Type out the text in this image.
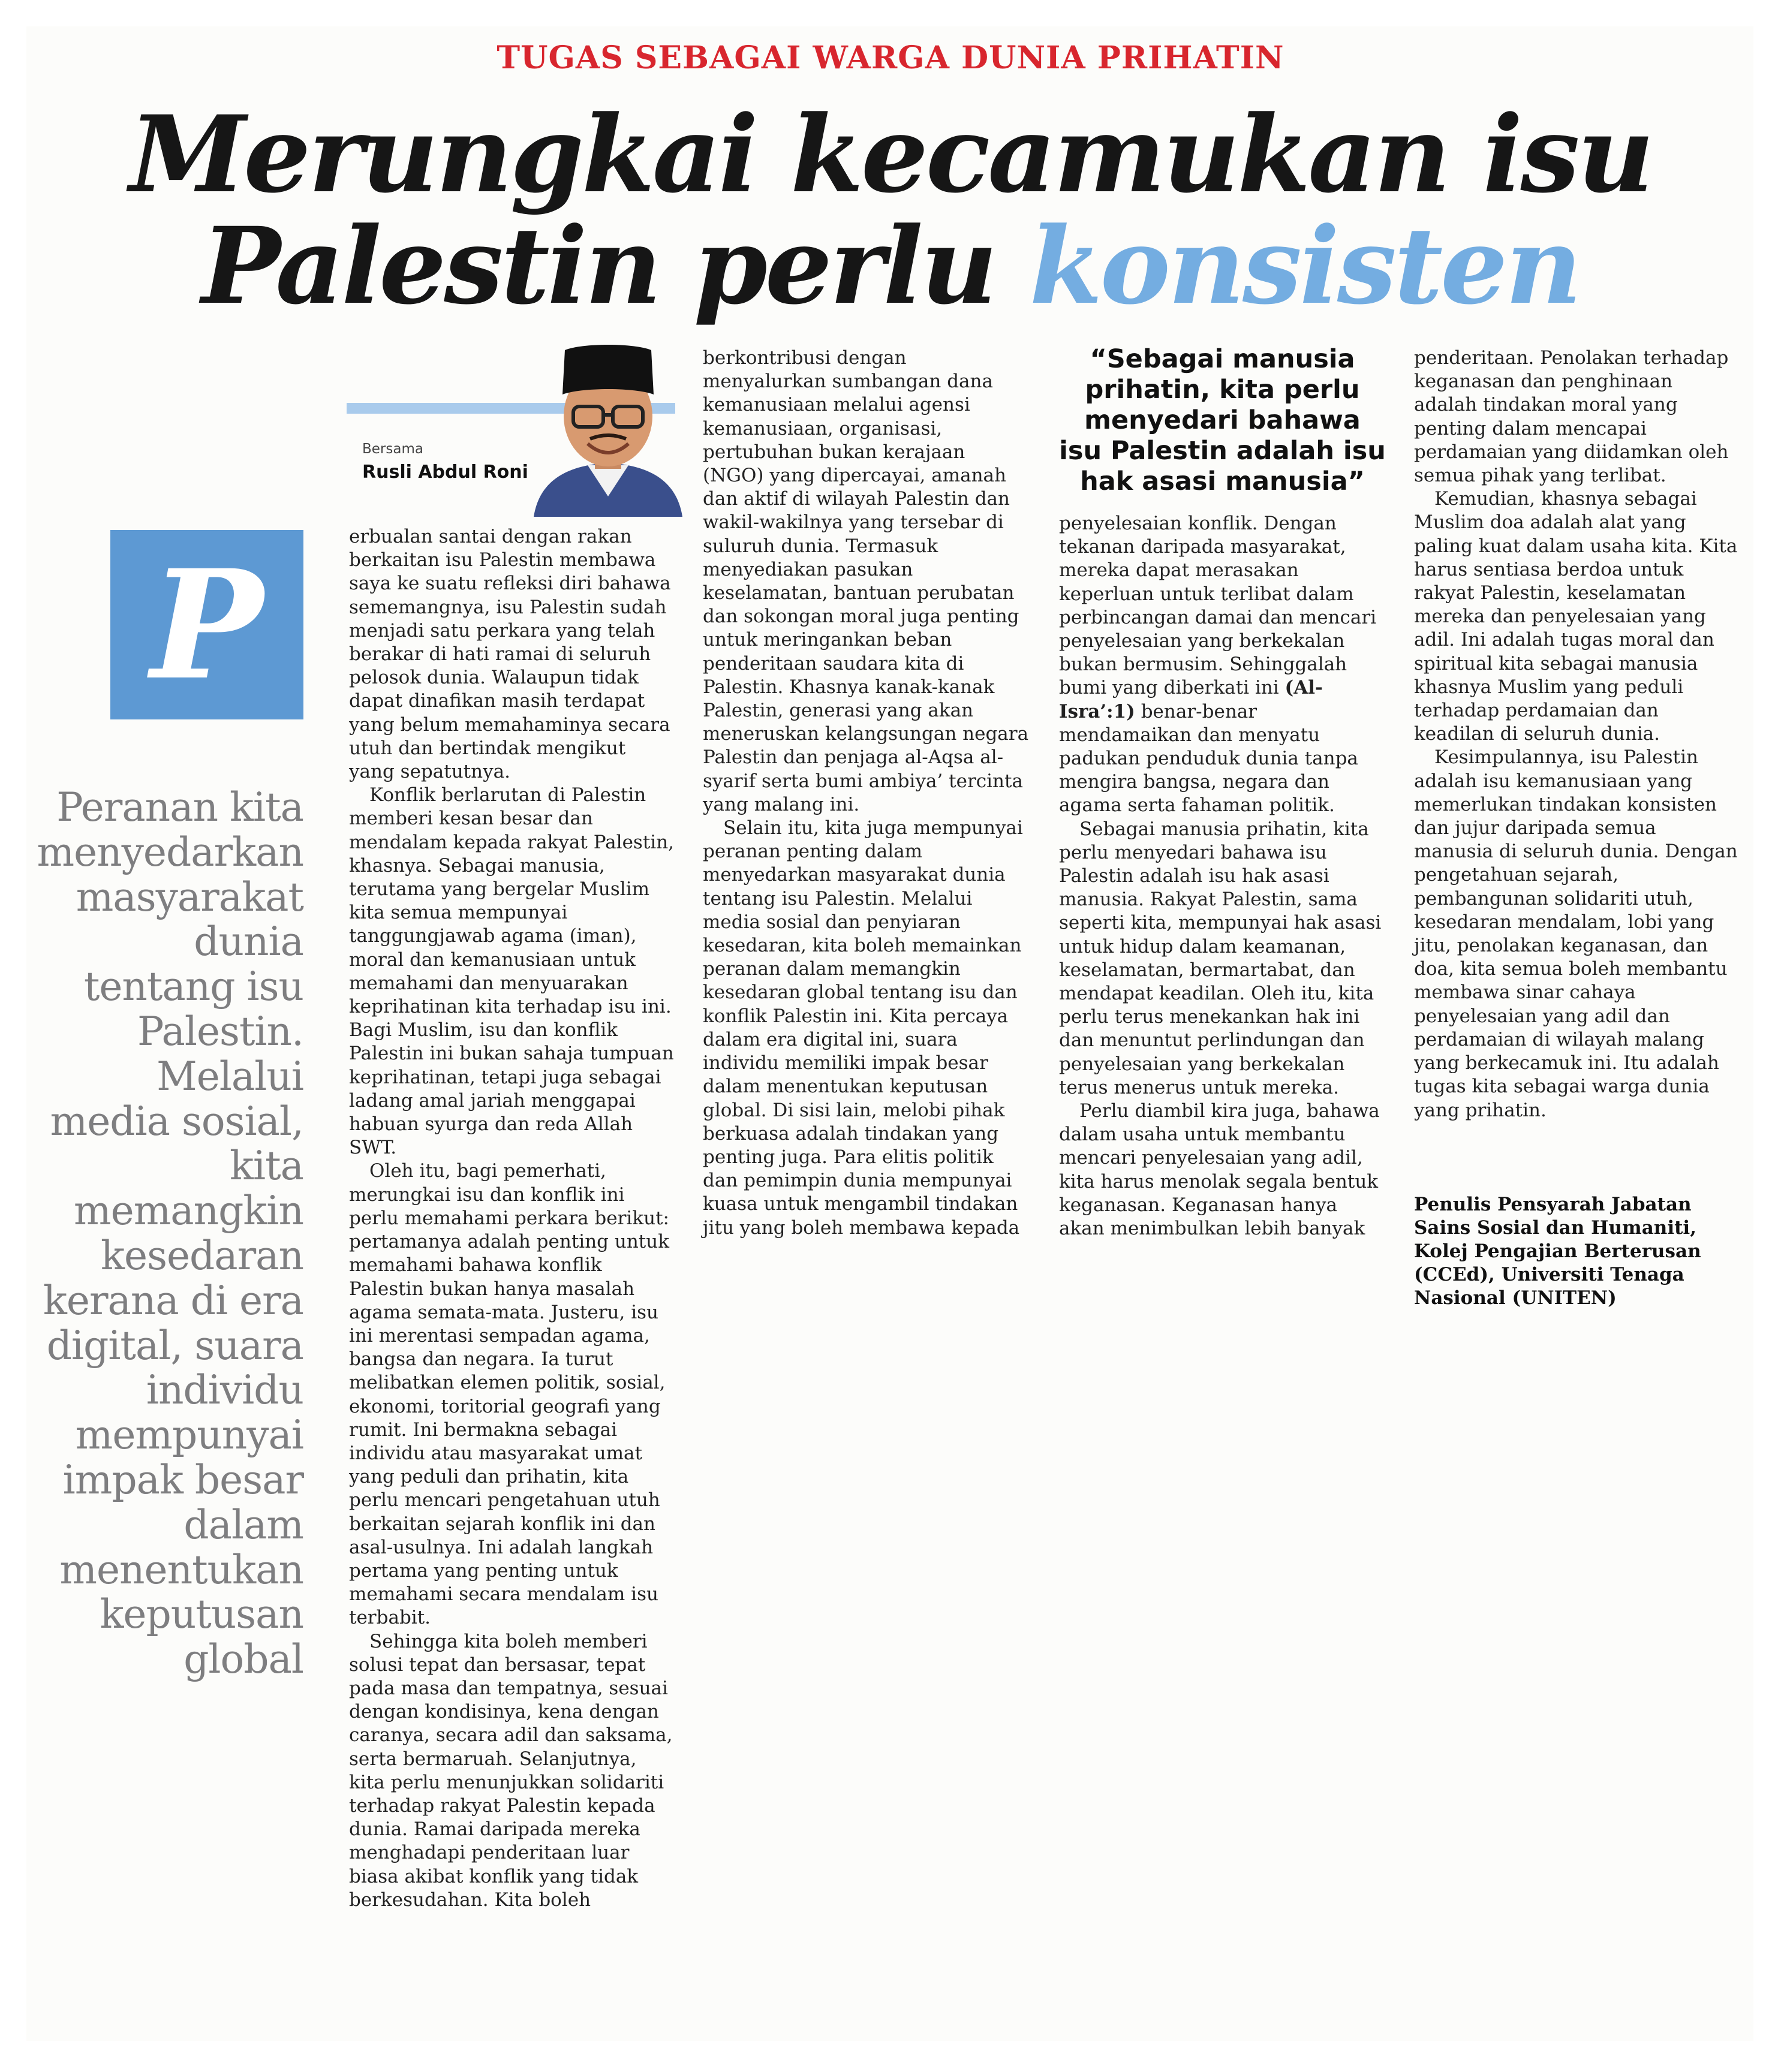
TUGAS SEBAGAI WARGA DUNIA PRIHATIN
Merungkai kecamukan isu
Palestin perlu konsisten
Bersama
Rusli Abdul Roni
P
Peranan kita menyedarkan masyarakat dunia tentang isu Palestin. Melalui media sosial, kita memangkin kesedaran kerana di era digital, suara individu mempunyai impak besar dalam menentukan keputusan global

erbualan santai dengan rakan berkaitan isu Palestin membawa saya ke suatu refleksi diri bahawa sememangnya, isu Palestin sudah menjadi satu perkara yang telah berakar di hati ramai di seluruh pelosok dunia. Walaupun tidak dapat dinafikan masih terdapat yang belum memahaminya secara utuh dan bertindak mengikut yang sepatutnya.

Konflik berlarutan di Palestin memberi kesan besar dan mendalam kepada rakyat Palestin, khasnya. Sebagai manusia, terutama yang bergelar Muslim kita semua mempunyai tanggungjawab agama (iman), moral dan kemanusiaan untuk memahami dan menyuarakan keprihatinan kita terhadap isu ini. Bagi Muslim, isu dan konflik Palestin ini bukan sahaja tumpuan keprihatinan, tetapi juga sebagai ladang amal jariah menggapai habuan syurga dan reda Allah SWT.

Oleh itu, bagi pemerhati, merungkai isu dan konflik ini perlu memahami perkara berikut: pertamanya adalah penting untuk memahami bahawa konflik Palestin bukan hanya masalah agama semata-mata. Justeru, isu ini merentasi sempadan agama, bangsa dan negara. Ia turut melibatkan elemen politik, sosial, ekonomi, toritorial geografi yang rumit. Ini bermakna sebagai individu atau masyarakat umat yang peduli dan prihatin, kita perlu mencari pengetahuan utuh berkaitan sejarah konflik ini dan asal-usulnya. Ini adalah langkah pertama yang penting untuk memahami secara mendalam isu terbabit.

Sehingga kita boleh memberi solusi tepat dan bersasar, tepat pada masa dan tempatnya, sesuai dengan kondisinya, kena dengan caranya, secara adil dan saksama, serta bermaruah. Selanjutnya, kita perlu menunjukkan solidariti terhadap rakyat Palestin kepada dunia. Ramai daripada mereka menghadapi penderitaan luar biasa akibat konflik yang tidak berkesudahan. Kita boleh

berkontribusi dengan menyalurkan sumbangan dana kemanusiaan melalui agensi kemanusiaan, organisasi, pertubuhan bukan kerajaan (NGO) yang dipercayai, amanah dan aktif di wilayah Palestin dan wakil-wakilnya yang tersebar di suluruh dunia. Termasuk menyediakan pasukan keselamatan, bantuan perubatan dan sokongan moral juga penting untuk meringankan beban penderitaan saudara kita di Palestin. Khasnya kanak-kanak Palestin, generasi yang akan meneruskan kelangsungan negara Palestin dan penjaga al-Aqsa al-syarif serta bumi ambiya’ tercinta yang malang ini.

Selain itu, kita juga mempunyai peranan penting dalam menyedarkan masyarakat dunia tentang isu Palestin. Melalui media sosial dan penyiaran kesedaran, kita boleh memainkan peranan dalam memangkin kesedaran global tentang isu dan konflik Palestin ini. Kita percaya dalam era digital ini, suara individu memiliki impak besar dalam menentukan keputusan global. Di sisi lain, melobi pihak berkuasa adalah tindakan yang penting juga. Para elitis politik dan pemimpin dunia mempunyai kuasa untuk mengambil tindakan jitu yang boleh membawa kepada

“Sebagai manusia prihatin, kita perlu menyedari bahawa isu Palestin adalah isu hak asasi manusia”

penyelesaian konflik. Dengan tekanan daripada masyarakat, mereka dapat merasakan keperluan untuk terlibat dalam perbincangan damai dan mencari penyelesaian yang berkekalan bukan bermusim. Sehinggalah bumi yang diberkati ini (Al-Isra’:1) benar-benar mendamaikan dan menyatu padukan penduduk dunia tanpa mengira bangsa, negara dan agama serta fahaman politik.

Sebagai manusia prihatin, kita perlu menyedari bahawa isu Palestin adalah isu hak asasi manusia. Rakyat Palestin, sama seperti kita, mempunyai hak asasi untuk hidup dalam keamanan, keselamatan, bermartabat, dan mendapat keadilan. Oleh itu, kita perlu terus menekankan hak ini dan menuntut perlindungan dan penyelesaian yang berkekalan terus menerus untuk mereka.

Perlu diambil kira juga, bahawa dalam usaha untuk membantu mencari penyelesaian yang adil, kita harus menolak segala bentuk keganasan. Keganasan hanya akan menimbulkan lebih banyak

penderitaan. Penolakan terhadap keganasan dan penghinaan adalah tindakan moral yang penting dalam mencapai perdamaian yang diidamkan oleh semua pihak yang terlibat.

Kemudian, khasnya sebagai Muslim doa adalah alat yang paling kuat dalam usaha kita. Kita harus sentiasa berdoa untuk rakyat Palestin, keselamatan mereka dan penyelesaian yang adil. Ini adalah tugas moral dan spiritual kita sebagai manusia khasnya Muslim yang peduli terhadap perdamaian dan keadilan di seluruh dunia.

Kesimpulannya, isu Palestin adalah isu kemanusiaan yang memerlukan tindakan konsisten dan jujur daripada semua manusia di seluruh dunia. Dengan pengetahuan sejarah, pembangunan solidariti utuh, kesedaran mendalam, lobi yang jitu, penolakan keganasan, dan doa, kita semua boleh membantu membawa sinar cahaya penyelesaian yang adil dan perdamaian di wilayah malang yang berkecamuk ini. Itu adalah tugas kita sebagai warga dunia yang prihatin.

Penulis Pensyarah Jabatan Sains Sosial dan Humaniti, Kolej Pengajian Berterusan (CCEd), Universiti Tenaga Nasional (UNITEN)
